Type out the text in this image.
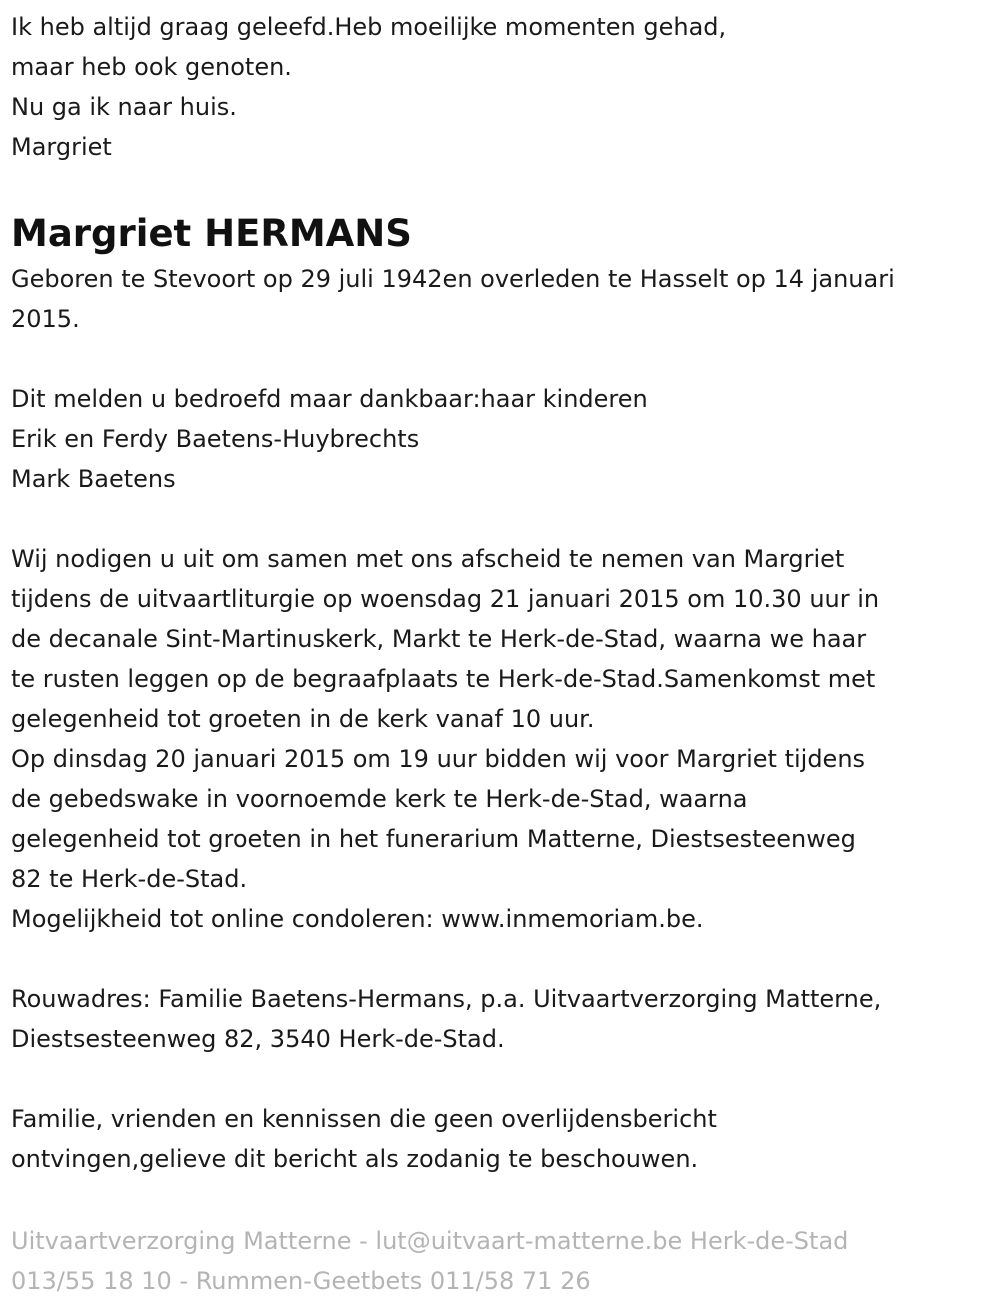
Ik heb altijd graag geleefd.Heb moeilijke momenten gehad,
maar heb ook genoten.
Nu ga ik naar huis.
Margriet
Margriet HERMANS
Geboren te Stevoort op 29 juli 1942en overleden te Hasselt op 14 januari
2015.
Dit melden u bedroefd maar dankbaar:haar kinderen
Erik en Ferdy Baetens-Huybrechts
Mark Baetens
Wij nodigen u uit om samen met ons afscheid te nemen van Margriet
tijdens de uitvaartliturgie op woensdag 21 januari 2015 om 10.30 uur in
de decanale Sint-Martinuskerk, Markt te Herk-de-Stad, waarna we haar
te rusten leggen op de begraafplaats te Herk-de-Stad.Samenkomst met
gelegenheid tot groeten in de kerk vanaf 10 uur.
Op dinsdag 20 januari 2015 om 19 uur bidden wij voor Margriet tijdens
de gebedswake in voornoemde kerk te Herk-de-Stad, waarna
gelegenheid tot groeten in het funerarium Matterne, Diestsesteenweg
82 te Herk-de-Stad.
Mogelijkheid tot online condoleren: www.inmemoriam.be.
Rouwadres: Familie Baetens-Hermans, p.a. Uitvaartverzorging Matterne,
Diestsesteenweg 82, 3540 Herk-de-Stad.
Familie, vrienden en kennissen die geen overlijdensbericht
ontvingen,gelieve dit bericht als zodanig te beschouwen.
Uitvaartverzorging Matterne - lut@uitvaart-matterne.be Herk-de-Stad
013/55 18 10 - Rummen-Geetbets 011/58 71 26
